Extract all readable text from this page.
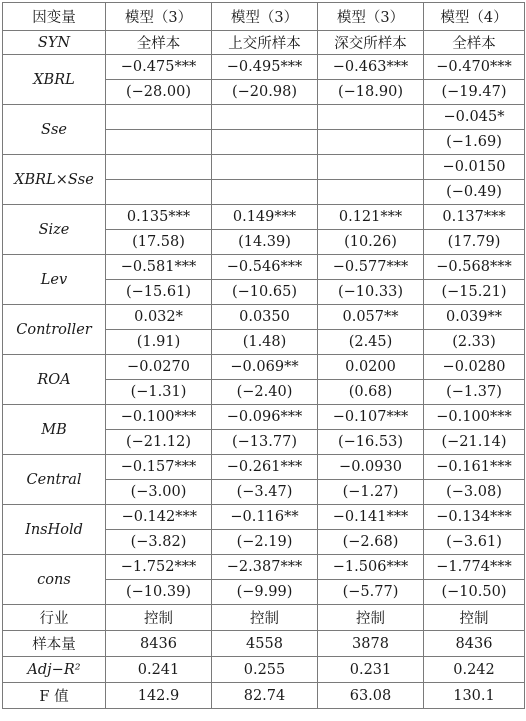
因变量	模型（3）	模型（3）	模型（3）	模型（4）
SYN	全样本	上交所样本	深交所样本	全样本
XBRL	−0.475***	−0.495***	−0.463***	−0.470***
	(−28.00)	(−20.98)	(−18.90)	(−19.47)
Sse				−0.045*
				(−1.69)
XBRL×Sse				−0.0150
				(−0.49)
Size	0.135***	0.149***	0.121***	0.137***
	(17.58)	(14.39)	(10.26)	(17.79)
Lev	−0.581***	−0.546***	−0.577***	−0.568***
	(−15.61)	(−10.65)	(−10.33)	(−15.21)
Controller	0.032*	0.0350	0.057**	0.039**
	(1.91)	(1.48)	(2.45)	(2.33)
ROA	−0.0270	−0.069**	0.0200	−0.0280
	(−1.31)	(−2.40)	(0.68)	(−1.37)
MB	−0.100***	−0.096***	−0.107***	−0.100***
	(−21.12)	(−13.77)	(−16.53)	(−21.14)
Central	−0.157***	−0.261***	−0.0930	−0.161***
	(−3.00)	(−3.47)	(−1.27)	(−3.08)
InsHold	−0.142***	−0.116**	−0.141***	−0.134***
	(−3.82)	(−2.19)	(−2.68)	(−3.61)
cons	−1.752***	−2.387***	−1.506***	−1.774***
	(−10.39)	(−9.99)	(−5.77)	(−10.50)
行业	控制	控制	控制	控制
样本量	8436	4558	3878	8436
Adj−R²	0.241	0.255	0.231	0.242
F 值	142.9	82.74	63.08	130.1
